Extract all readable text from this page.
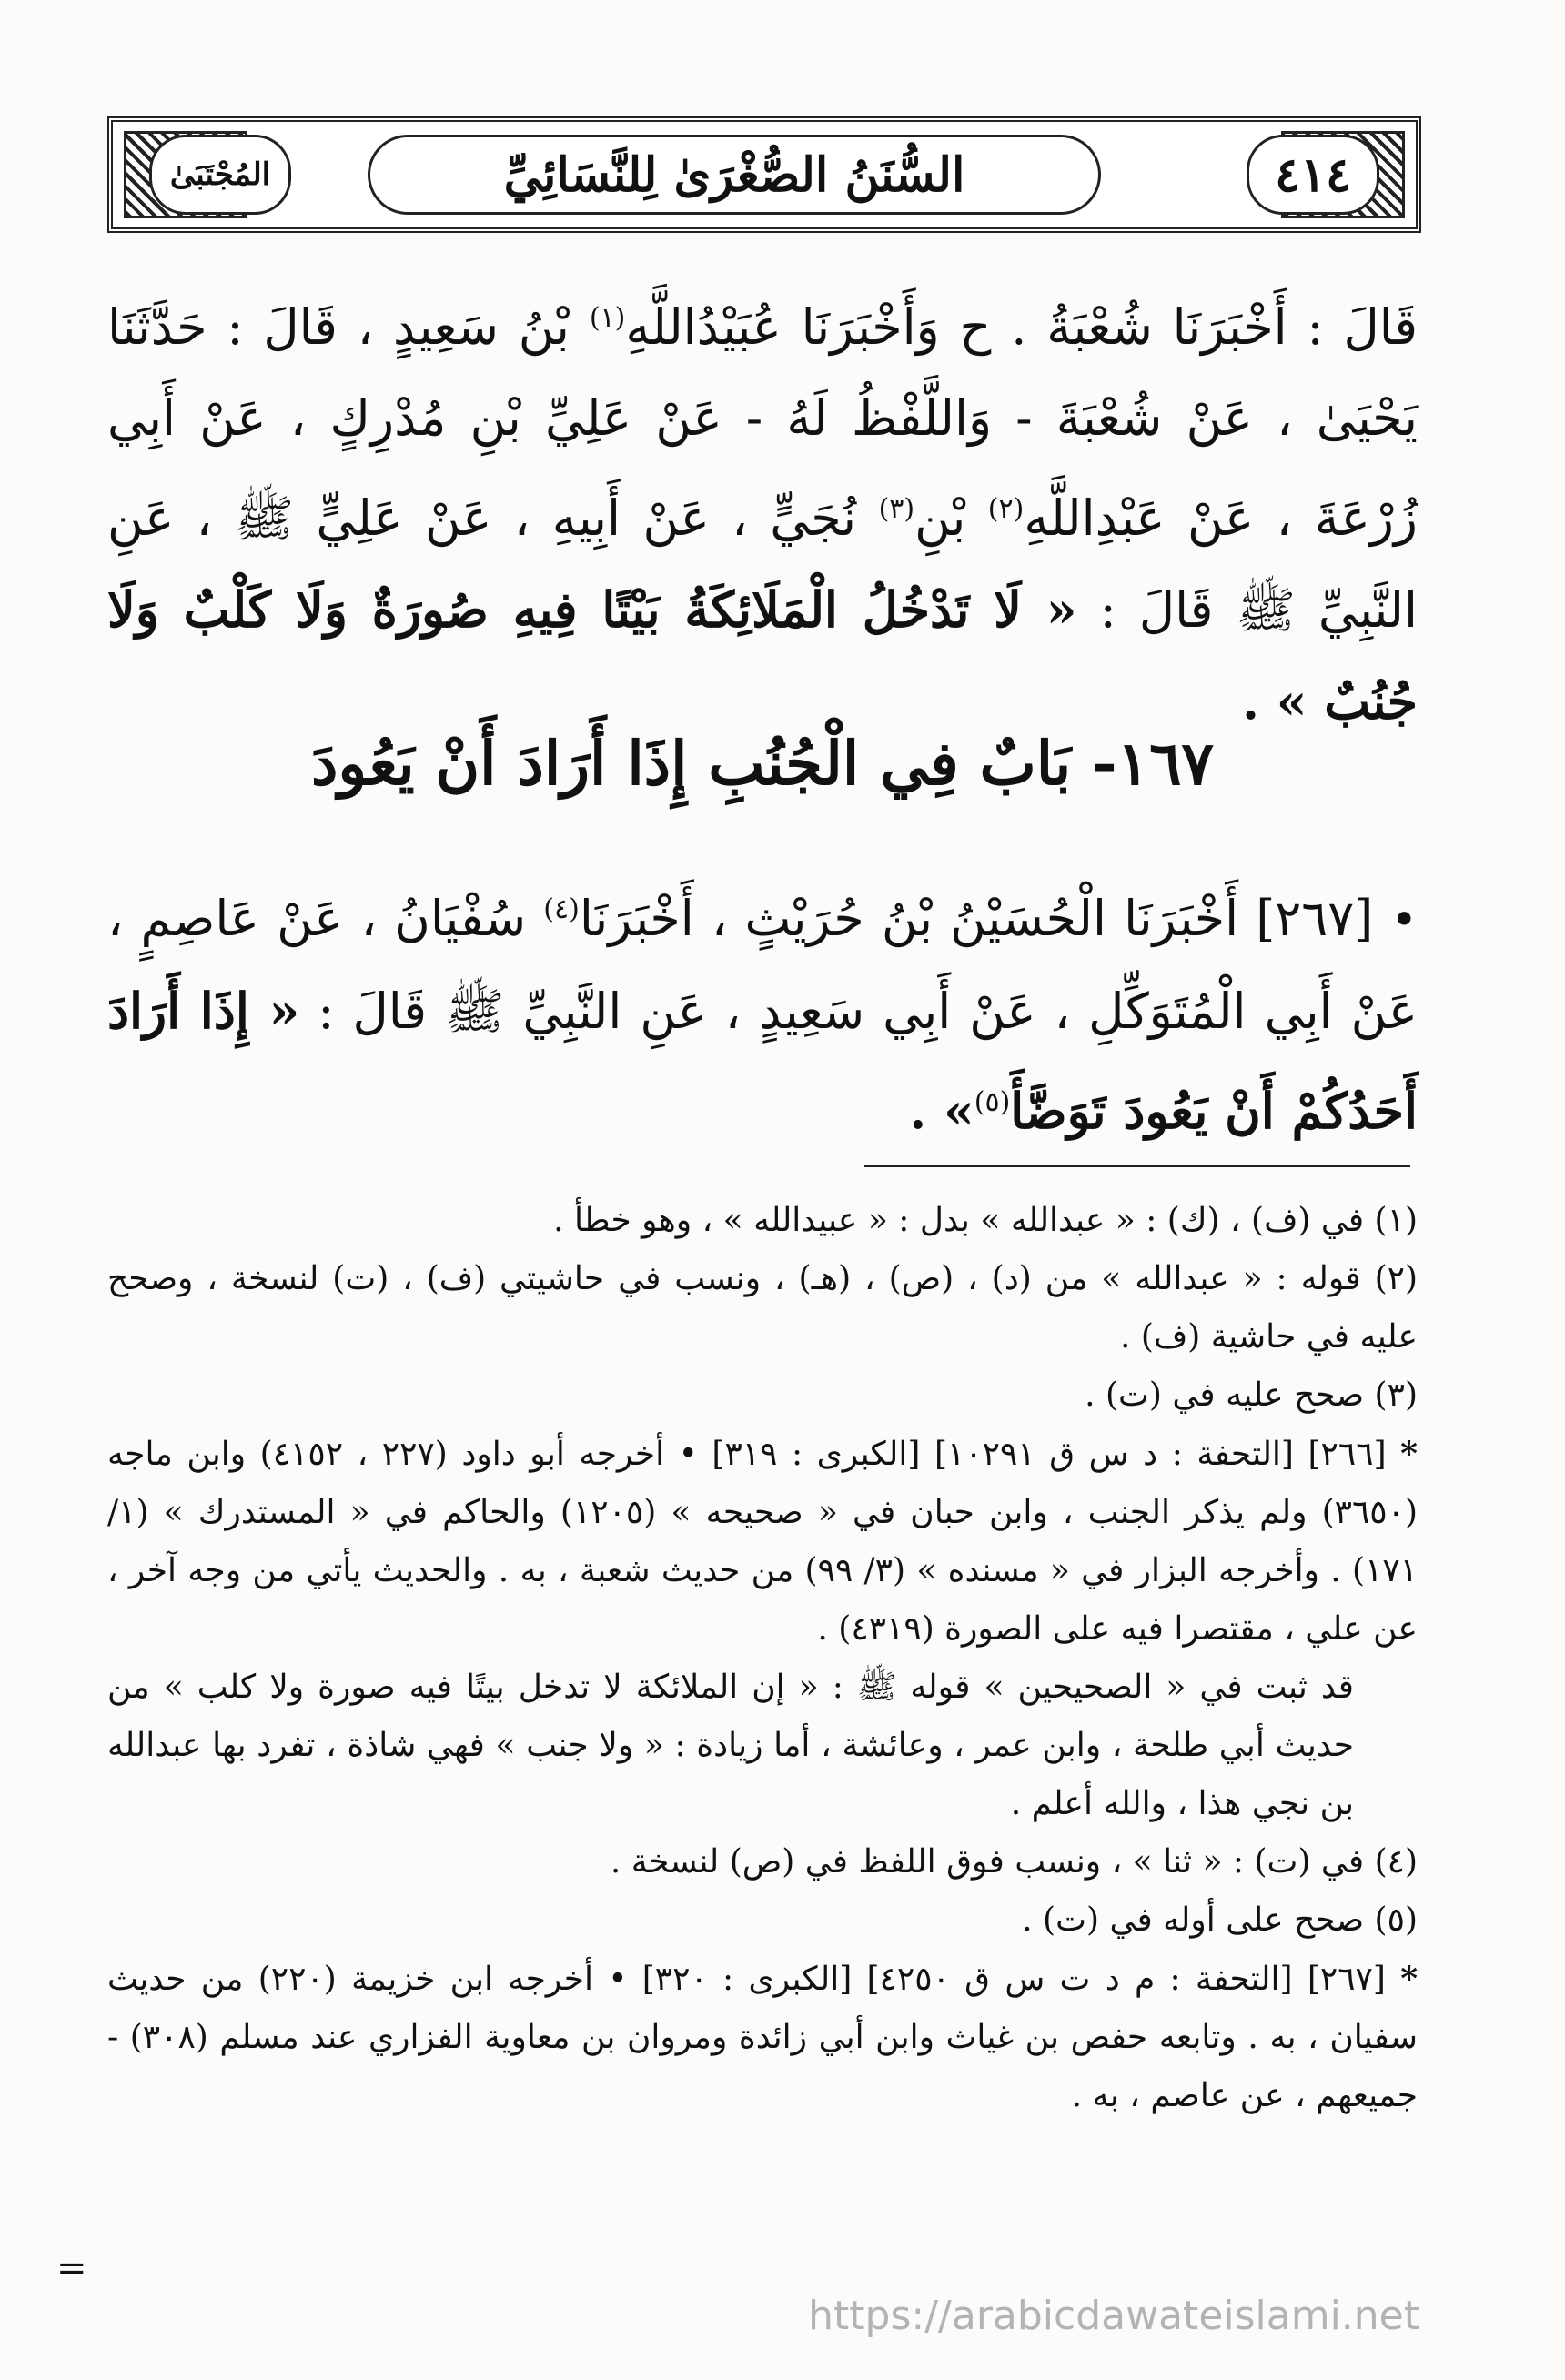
المُجْتَبَىٰ	السُّنَنُ الصُّغْرَىٰ لِلنَّسَائِيِّ	٤١٤

قَالَ : أَخْبَرَنَا شُعْبَةُ . ح وَأَخْبَرَنَا عُبَيْدُاللَّهِ$^{(١)}$ بْنُ سَعِيدٍ ، قَالَ : حَدَّثَنَا يَحْيَىٰ ، عَنْ شُعْبَةَ - وَاللَّفْظُ لَهُ - عَنْ عَلِيِّ بْنِ مُدْرِكٍ ، عَنْ أَبِي زُرْعَةَ ، عَنْ عَبْدِاللَّهِ$^{(٢)}$ بْنِ$^{(٣)}$ نُجَيٍّ ، عَنْ أَبِيهِ ، عَنْ عَلِيٍّ ﷺ ، عَنِ النَّبِيِّ ﷺ قَالَ : « لَا تَدْخُلُ الْمَلَائِكَةُ بَيْتًا فِيهِ صُورَةٌ وَلَا كَلْبٌ وَلَا جُنُبٌ » .

١٦٧- بَابٌ فِي الْجُنُبِ إِذَا أَرَادَ أَنْ يَعُودَ

• [٢٦٧] أَخْبَرَنَا الْحُسَيْنُ بْنُ حُرَيْثٍ ، أَخْبَرَنَا$^{(٤)}$ سُفْيَانُ ، عَنْ عَاصِمٍ ، عَنْ أَبِي الْمُتَوَكِّلِ ، عَنْ أَبِي سَعِيدٍ ، عَنِ النَّبِيِّ ﷺ قَالَ : « إِذَا أَرَادَ أَحَدُكُمْ أَنْ يَعُودَ تَوَضَّأَ$^{(٥)}$» .

(١) في (ف) ، (ك) : « عبدالله » بدل : « عبيدالله » ، وهو خطأ .

(٢) قوله : « عبدالله » من (د) ، (ص) ، (هـ) ، ونسب في حاشيتي (ف) ، (ت) لنسخة ، وصحح عليه في حاشية (ف) .

(٣) صحح عليه في (ت) .

* [٢٦٦] [التحفة : د س ق ١٠٢٩١] [الكبرى : ٣١٩] • أخرجه أبو داود (٢٢٧ ، ٤١٥٢) وابن ماجه (٣٦٥٠) ولم يذكر الجنب ، وابن حبان في « صحيحه » (١٢٠٥) والحاكم في « المستدرك » (١/ ١٧١) . وأخرجه البزار في « مسنده » (٣/ ٩٩) من حديث شعبة ، به . والحديث يأتي من وجه آخر ، عن علي ، مقتصرا فيه على الصورة (٤٣١٩) .

قد ثبت في « الصحيحين » قوله ﷺ : « إن الملائكة لا تدخل بيتًا فيه صورة ولا كلب » من حديث أبي طلحة ، وابن عمر ، وعائشة ، أما زيادة : « ولا جنب » فهي شاذة ، تفرد بها عبدالله بن نجي هذا ، والله أعلم .

(٤) في (ت) : « ثنا » ، ونسب فوق اللفظ في (ص) لنسخة .

(٥) صحح على أوله في (ت) .

* [٢٦٧] [التحفة : م د ت س ق ٤٢٥٠] [الكبرى : ٣٢٠] • أخرجه ابن خزيمة (٢٢٠) من حديث سفيان ، به . وتابعه حفص بن غياث وابن أبي زائدة ومروان بن معاوية الفزاري عند مسلم (٣٠٨) - جميعهم ، عن عاصم ، به .

=
https://arabicdawateislami.net
